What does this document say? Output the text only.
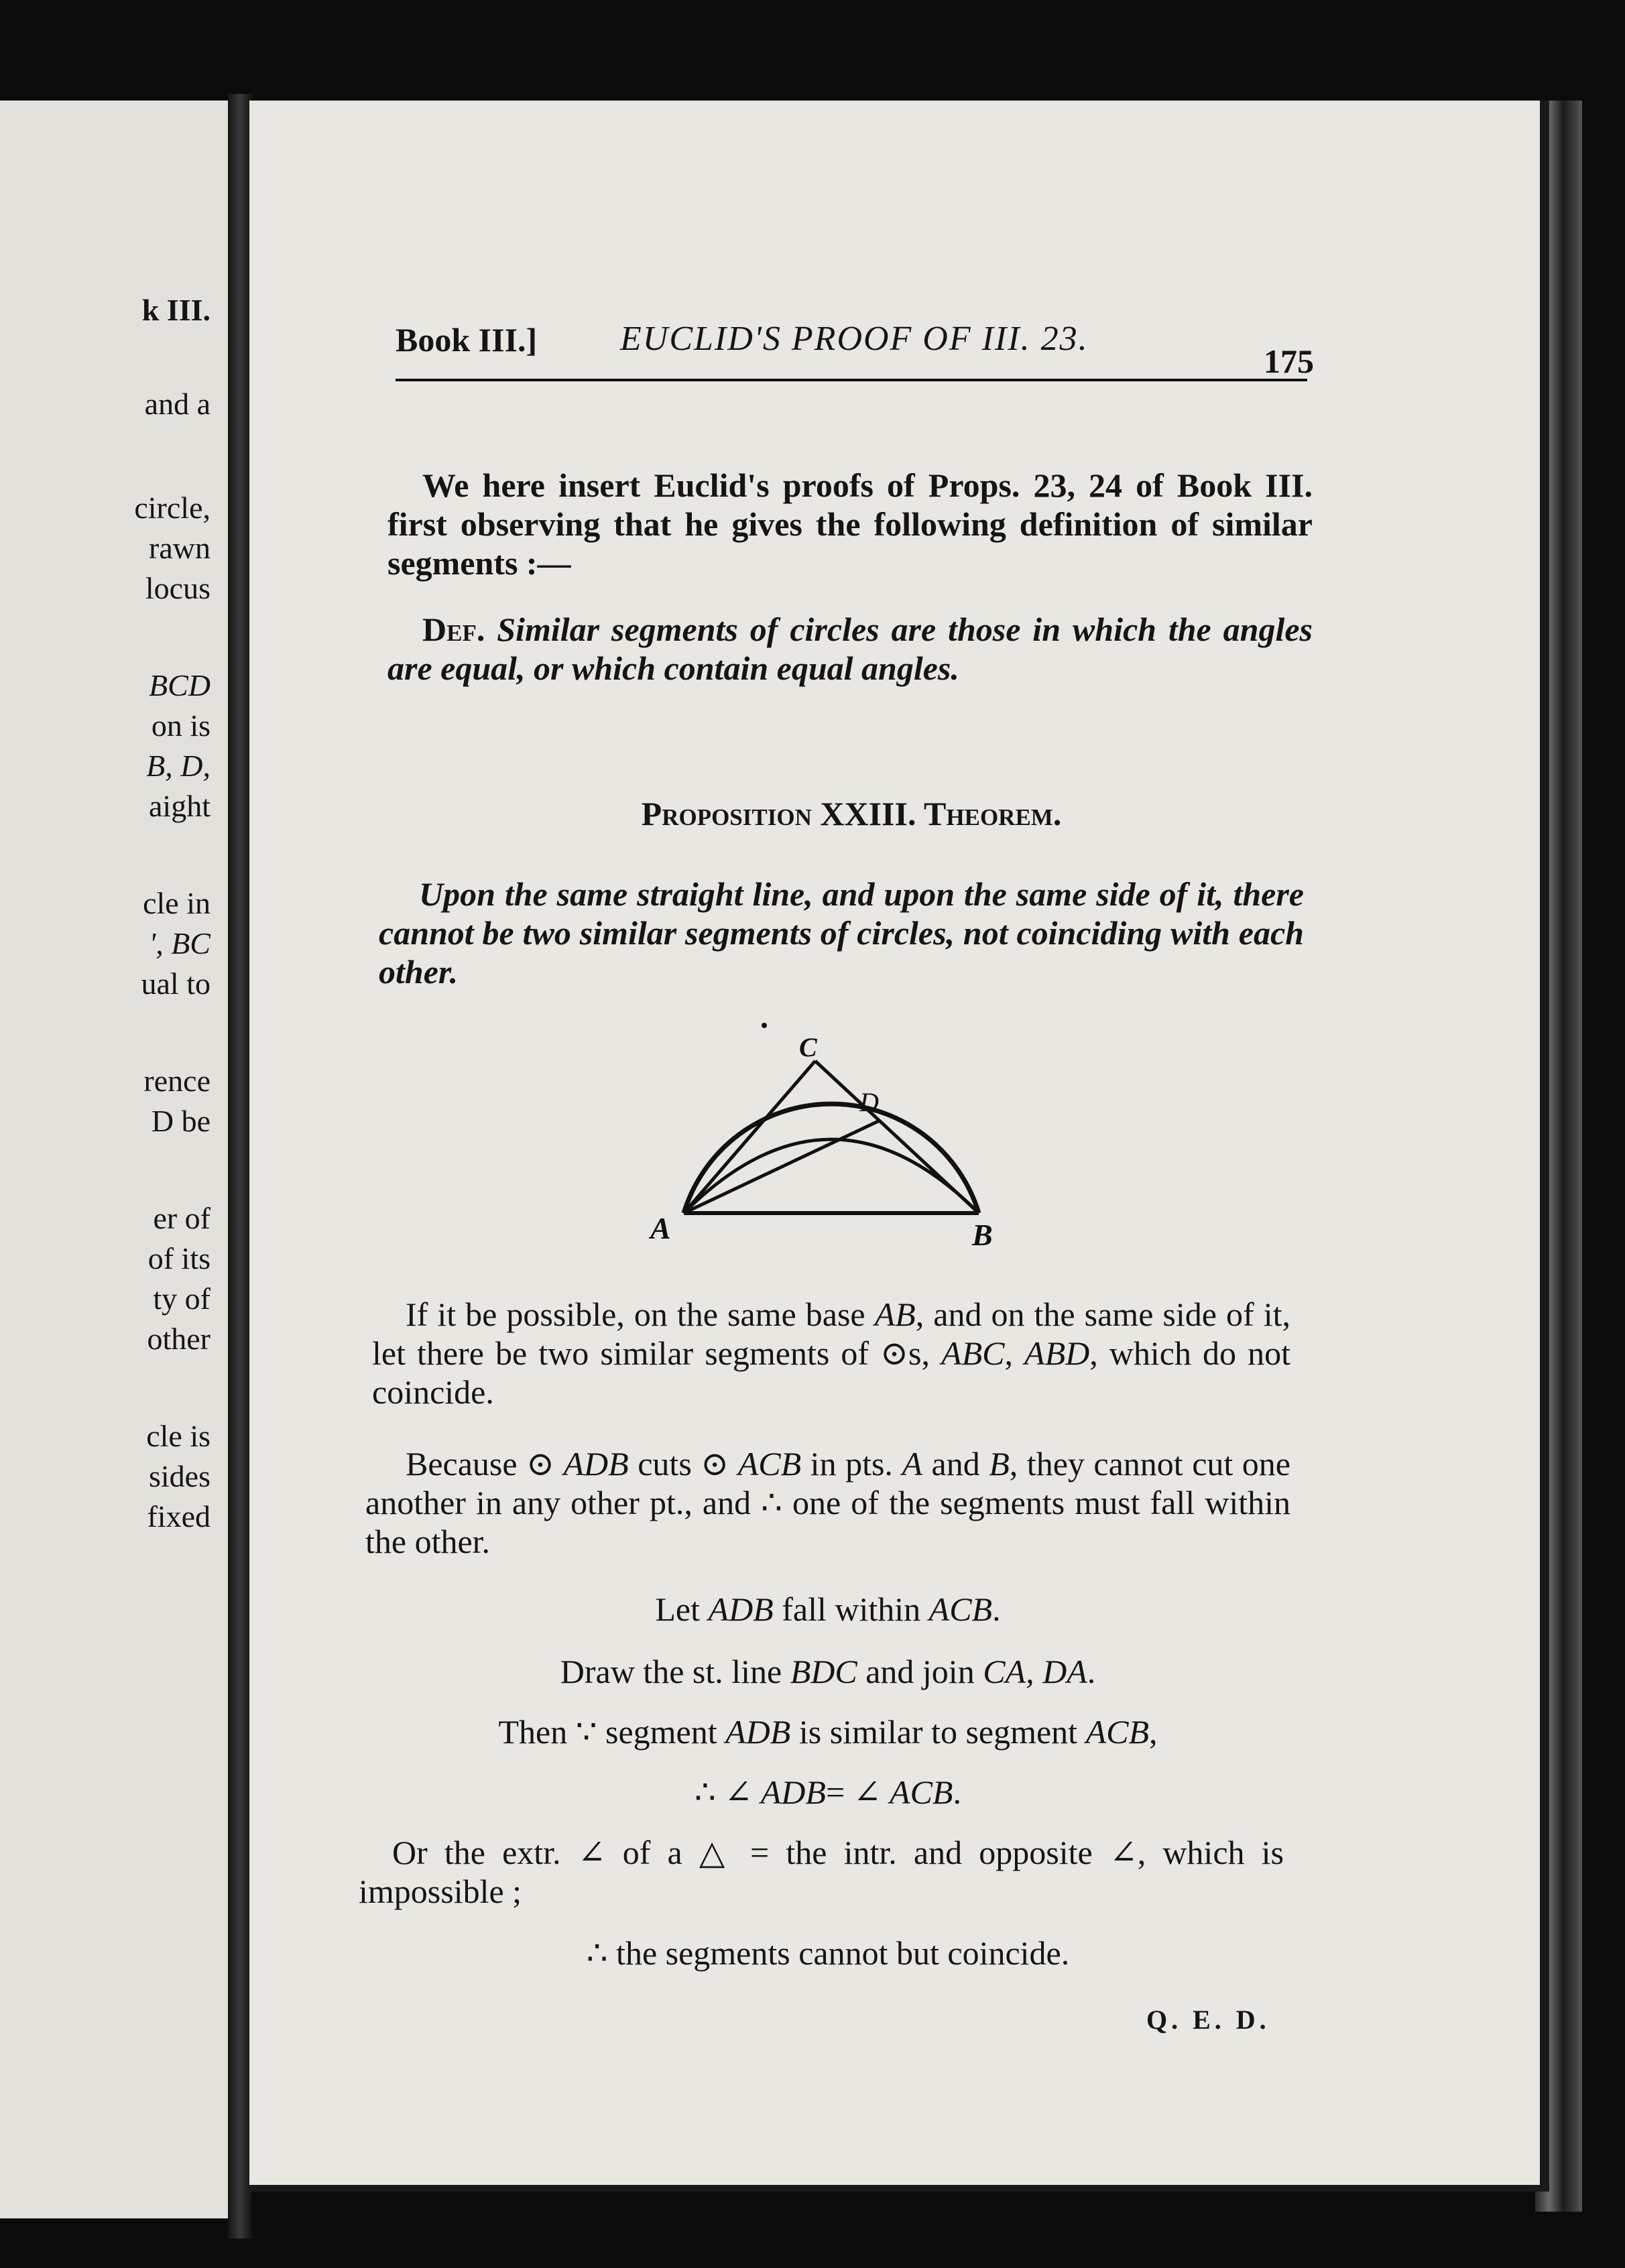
k III.

and a

circle,

rawn

locus

BCD

on is

B, D,

aight

cle in

', BC

ual to

rence

D be

er of

of its

ty of

other

cle is

sides

fixed

Book III.] EUCLID'S PROOF OF III. 23.

175

We here insert Euclid's proofs of Props. 23, 24 of Book III. first observing that he gives the following definition of similar segments :—

Def. Similar segments of circles are those in which the angles are equal, or which contain equal angles.

Proposition XXIII. Theorem.

Upon the same straight line, and upon the same side of it, there cannot be two similar segments of circles, not coinciding with each other.

A	B
C
D

If it be possible, on the same base AB, and on the same side of it, let there be two similar segments of ⊙s, ABC, ABD, which do not coincide.

Because ⊙ ADB cuts ⊙ ACB in pts. A and B, they cannot cut one another in any other pt., and ∴ one of the segments must fall within the other.

Let ADB fall within ACB.

Draw the st. line BDC and join CA, DA.

Then ∵ segment ADB is similar to segment ACB,

∴ ∠ ADB= ∠ ACB.

Or the extr. ∠ of a △ = the intr. and opposite ∠, which is impossible ;

∴ the segments cannot but coincide.

Q. E. D.
